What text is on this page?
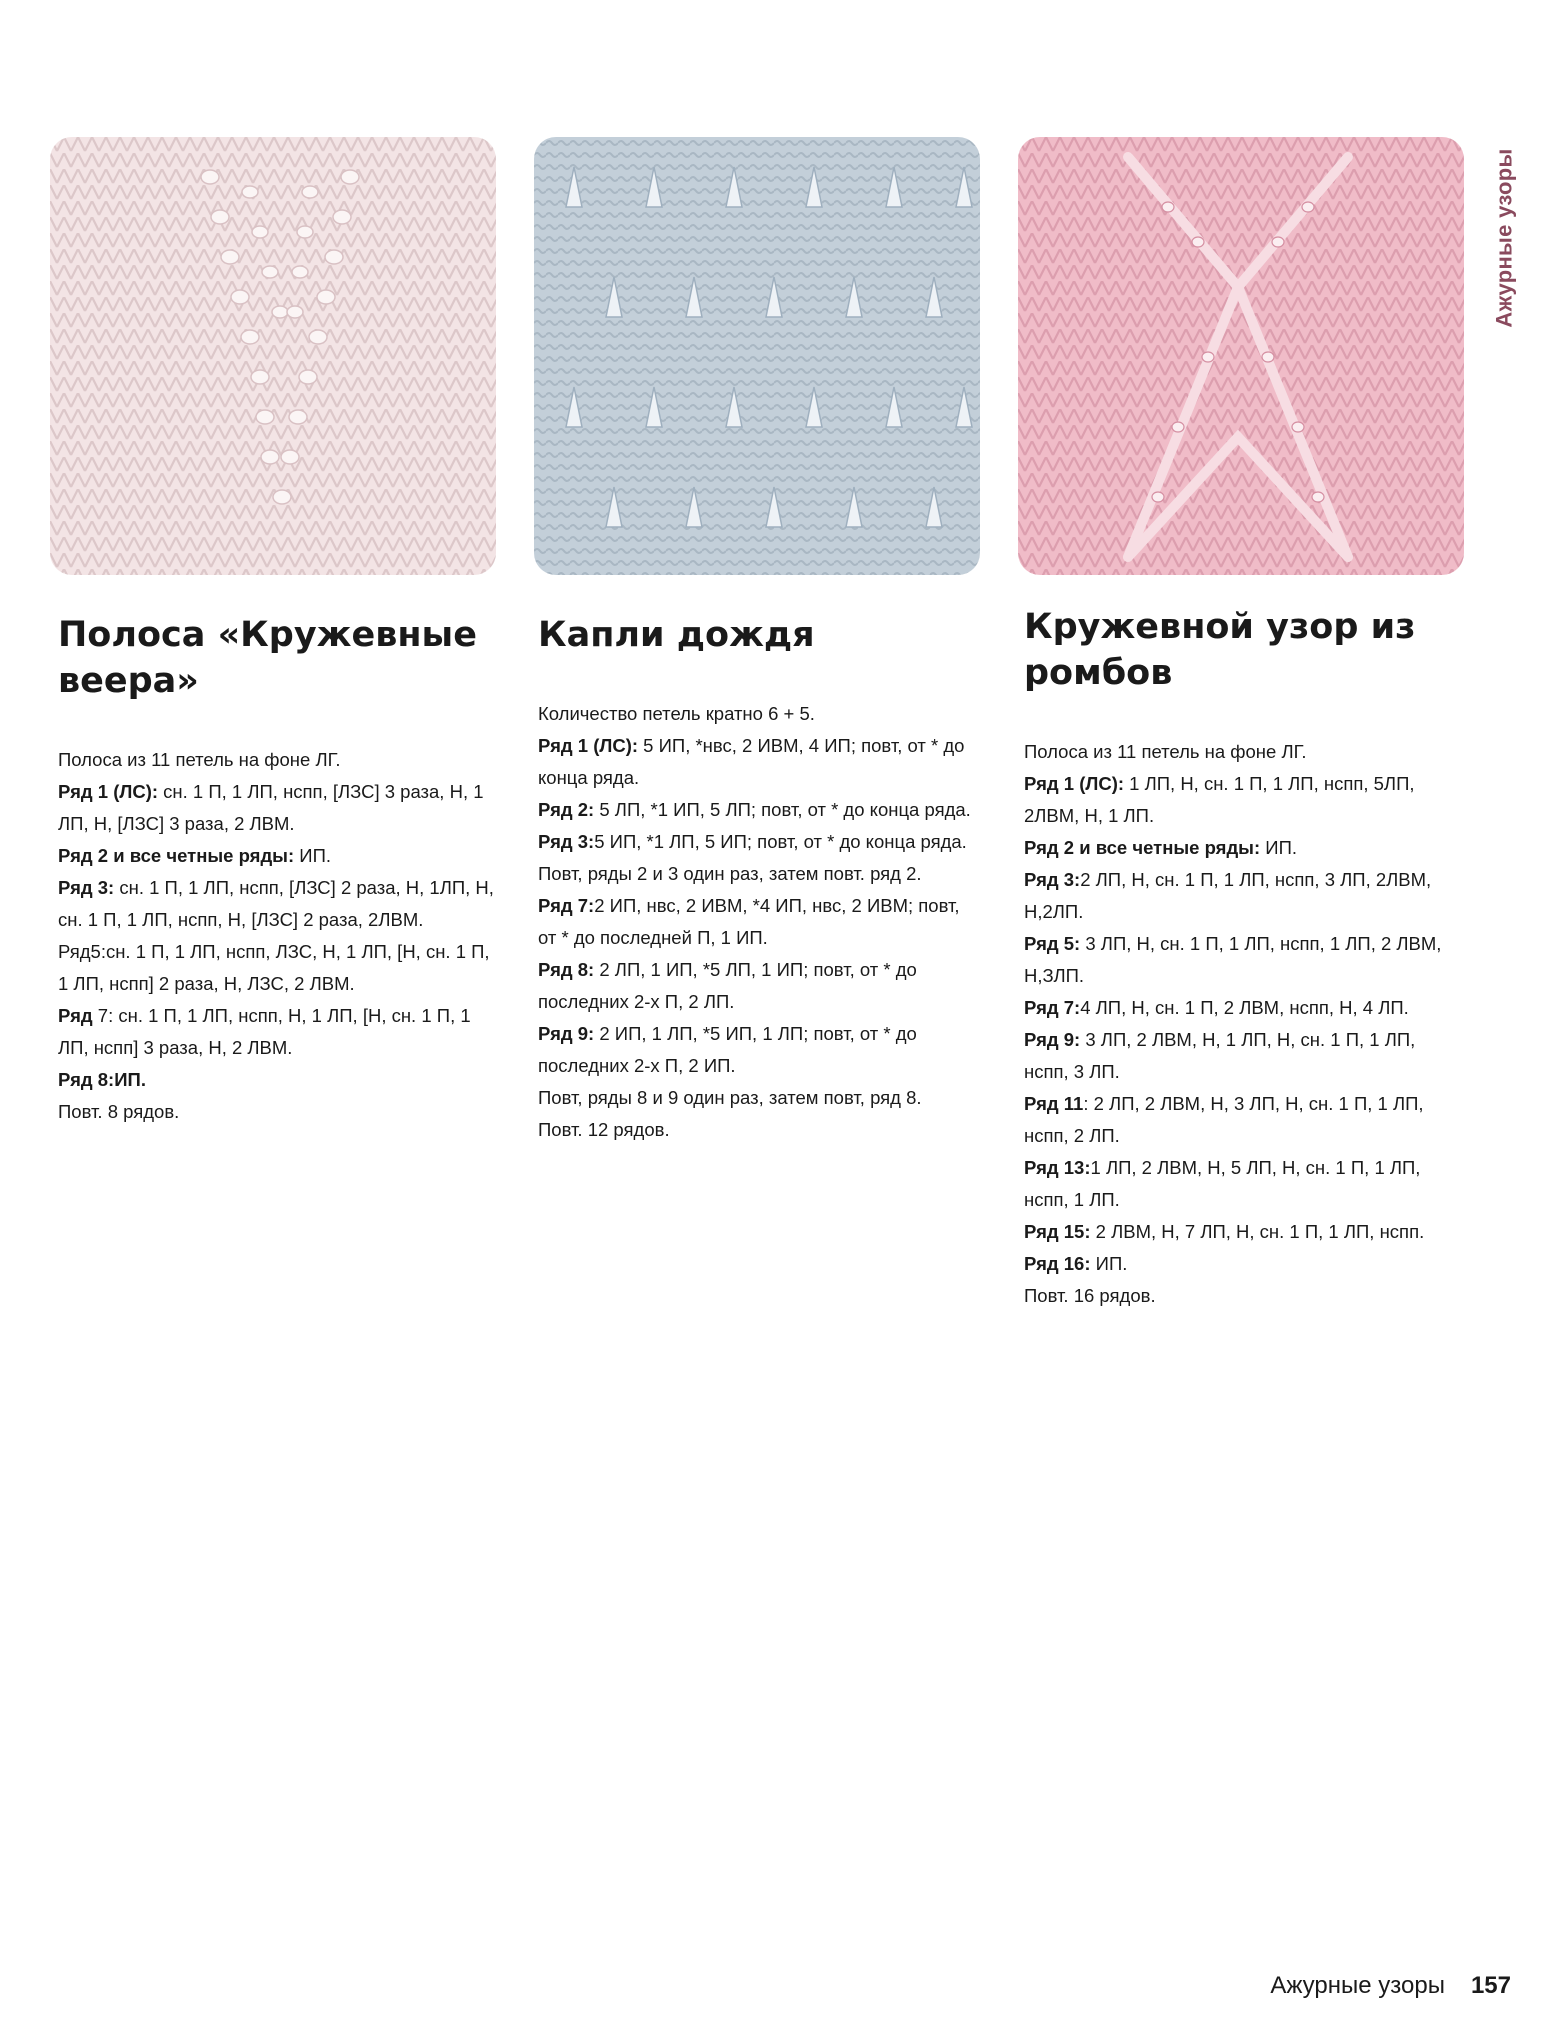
Ажурные узоры
Полоса «Кружевные веера»

Полоса из 11 петель на фоне ЛГ.

Ряд 1 (ЛС): сн. 1 П, 1 ЛП, нспп, [ЛЗС] 3 раза, Н, 1 ЛП, Н, [ЛЗС] 3 раза, 2 ЛВМ.

Ряд 2 и все четные ряды: ИП.

Ряд 3: сн. 1 П, 1 ЛП, нспп, [ЛЗС] 2 раза, Н, 1ЛП, Н, сн. 1 П, 1 ЛП, нспп, Н, [ЛЗС] 2 раза, 2ЛВМ.

Ряд5:сн. 1 П, 1 ЛП, нспп, ЛЗС, Н, 1 ЛП, [Н, сн. 1 П, 1 ЛП, нспп] 2 раза, Н, ЛЗС, 2 ЛВМ.

Ряд 7: сн. 1 П, 1 ЛП, нспп, Н, 1 ЛП, [Н, сн. 1 П, 1 ЛП, нспп] 3 раза, Н, 2 ЛВМ.

Ряд 8:ИП.

Повт. 8 рядов.

Капли дождя

Количество петель кратно 6 + 5.

Ряд 1 (ЛС): 5 ИП, *нвс, 2 ИВМ, 4 ИП; повт, от * до конца ряда.

Ряд 2: 5 ЛП, *1 ИП, 5 ЛП; повт, от * до конца ряда.

Ряд 3:5 ИП, *1 ЛП, 5 ИП; повт, от * до конца ряда.

Повт, ряды 2 и 3 один раз, затем повт. ряд 2.

Ряд 7:2 ИП, нвс, 2 ИВМ, *4 ИП, нвс, 2 ИВМ; повт, от * до последней П, 1 ИП.

Ряд 8: 2 ЛП, 1 ИП, *5 ЛП, 1 ИП; повт, от * до последних 2-х П, 2 ЛП.

Ряд 9: 2 ИП, 1 ЛП, *5 ИП, 1 ЛП; повт, от * до последних 2-х П, 2 ИП.

Повт, ряды 8 и 9 один раз, затем повт, ряд 8.

Повт. 12 рядов.

Кружевной узор из ромбов

Полоса из 11 петель на фоне ЛГ.

Ряд 1 (ЛС): 1 ЛП, Н, сн. 1 П, 1 ЛП, нспп, 5ЛП, 2ЛВМ, Н, 1 ЛП.

Ряд 2 и все четные ряды: ИП.

Ряд 3:2 ЛП, Н, сн. 1 П, 1 ЛП, нспп, 3 ЛП, 2ЛВМ, Н,2ЛП.

Ряд 5: 3 ЛП, Н, сн. 1 П, 1 ЛП, нспп, 1 ЛП, 2 ЛВМ, Н,ЗЛП.

Ряд 7:4 ЛП, Н, сн. 1 П, 2 ЛВМ, нспп, Н, 4 ЛП.

Ряд 9: 3 ЛП, 2 ЛВМ, Н, 1 ЛП, Н, сн. 1 П, 1 ЛП, нспп, 3 ЛП.

Ряд 11: 2 ЛП, 2 ЛВМ, Н, 3 ЛП, Н, сн. 1 П, 1 ЛП, нспп, 2 ЛП.

Ряд 13:1 ЛП, 2 ЛВМ, Н, 5 ЛП, Н, сн. 1 П, 1 ЛП, нспп, 1 ЛП.

Ряд 15: 2 ЛВМ, Н, 7 ЛП, Н, сн. 1 П, 1 ЛП, нспп.

Ряд 16: ИП.

Повт. 16 рядов.

Ажурные узоры 157
